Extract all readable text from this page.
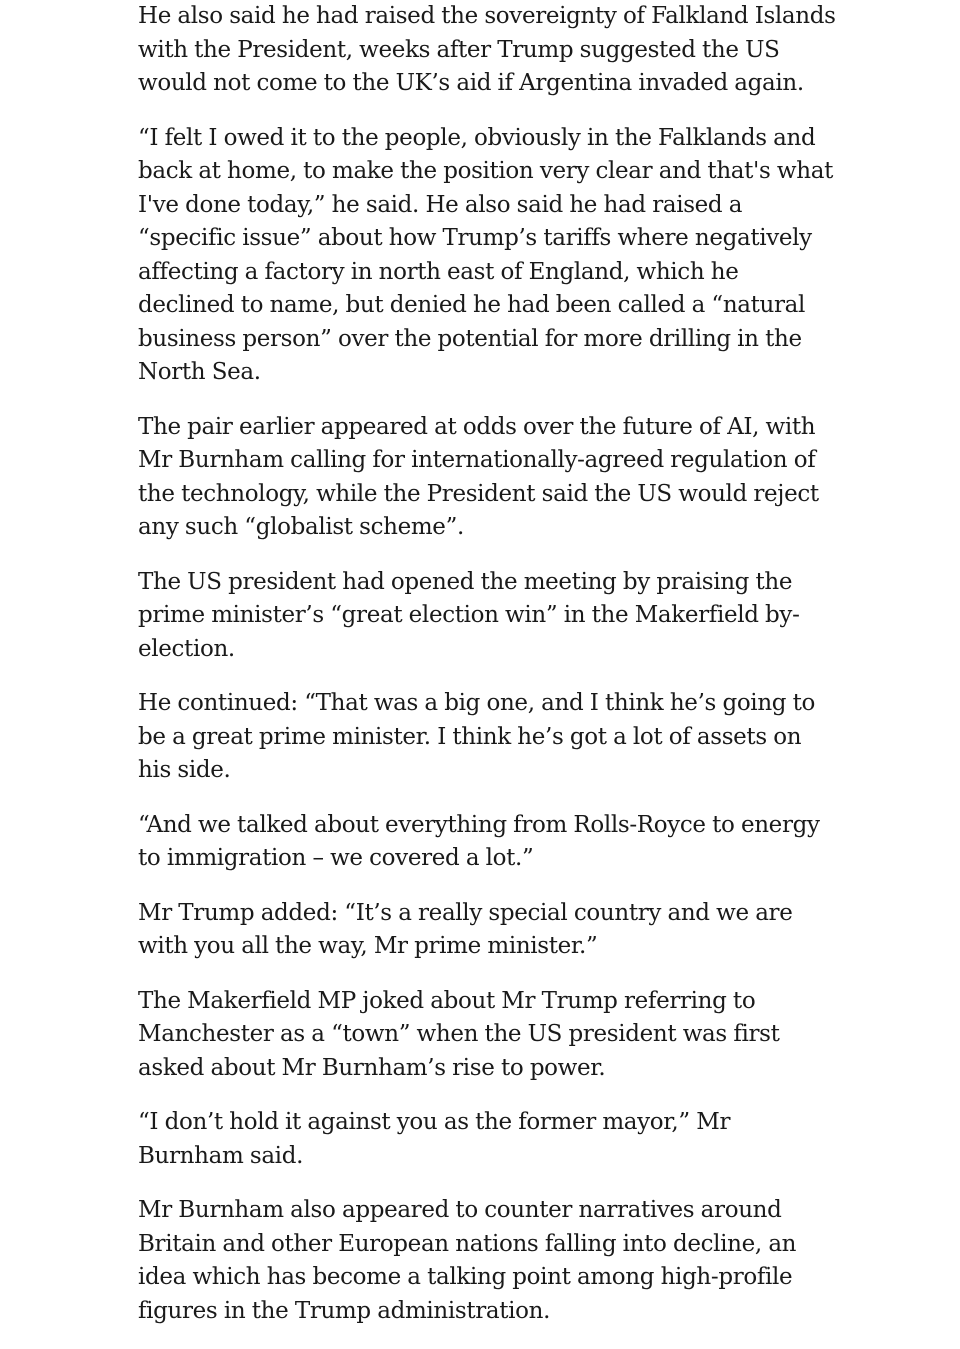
He also said he had raised the sovereignty of Falkland Islands with the President, weeks after Trump suggested the US would not come to the UK’s aid if Argentina invaded again.

“I felt I owed it to the people, obviously in the Falklands and back at home, to make the position very clear and that's what I've done today,” he said. He also said he had raised a “specific issue” about how Trump’s tariffs where negatively affecting a factory in north east of England, which he declined to name, but denied he had been called a “natural business person” over the potential for more drilling in the North Sea.

The pair earlier appeared at odds over the future of AI, with Mr Burnham calling for internationally-agreed regulation of the technology, while the President said the US would reject any such “globalist scheme”.

The US president had opened the meeting by praising the prime minister’s “great election win” in the Makerfield by-election.

He continued: “That was a big one, and I think he’s going to be a great prime minister. I think he’s got a lot of assets on his side.

“And we talked about everything from Rolls-Royce to energy to immigration – we covered a lot.”

Mr Trump added: “It’s a really special country and we are with you all the way, Mr prime minister.”

The Makerfield MP joked about Mr Trump referring to Manchester as a “town” when the US president was first asked about Mr Burnham’s rise to power.

“I don’t hold it against you as the former mayor,” Mr Burnham said.

Mr Burnham also appeared to counter narratives around Britain and other European nations falling into decline, an idea which has become a talking point among high-profile figures in the Trump administration.
